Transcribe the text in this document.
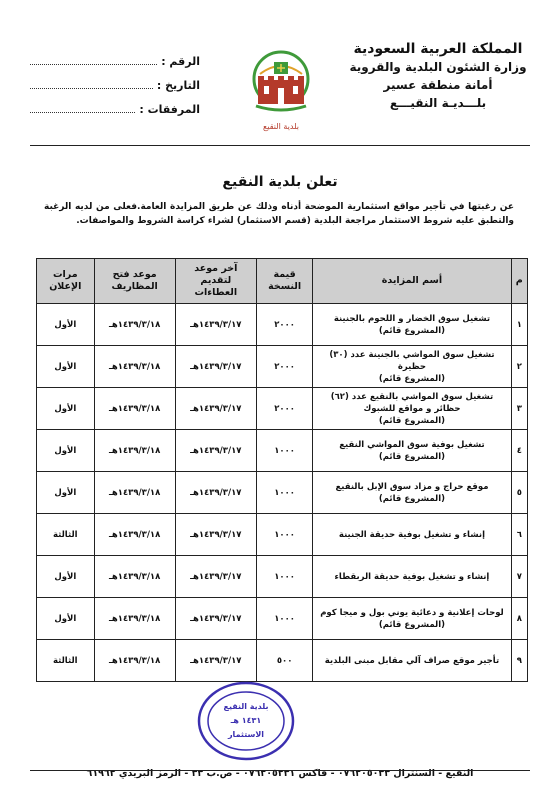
المملكة العربية السعودية
وزارة الشئون البلدية والقروية
أمانة منطقة عسير
بلـــديـة النقيـــع
الرقم :
التاريخ :
المرفقات :
بلدية النقيع
تعلن بلدية النقيع
عن رغبتها في تأجير مواقع استثمارية الموضحة أدناه وذلك عن طريق المزايدة العامة.فعلى من لديه الرغبة والتطبق عليه شروط الاستثمار مراجعة البلدية (قسم الاستثمار) لشراء كراسة الشروط والمواصفات.
م	أسم المزايدة	قيمة النسخة	آخر موعد لتقديم العطاءات	موعد فتح المظاريف	مرات الإعلان
١	تشغيل سوق الخضار و اللحوم بالجنينة
(المشروع قائم)	٢٠٠٠	١٤٣٩/٣/١٧هـ	١٤٣٩/٣/١٨هـ	الأول
٢	تشغيل سوق المواشي بالجنينة عدد (٣٠) حظيرة
(المشروع قائم)	٢٠٠٠	١٤٣٩/٣/١٧هـ	١٤٣٩/٣/١٨هـ	الأول
٣	تشغيل سوق المواشي بالنقيع عدد (٦٢) حظائر و مواقع للشبوك
(المشروع قائم)	٢٠٠٠	١٤٣٩/٣/١٧هـ	١٤٣٩/٣/١٨هـ	الأول
٤	تشغيل بوفية سوق المواشي النقيع
(المشروع قائم)	١٠٠٠	١٤٣٩/٣/١٧هـ	١٤٣٩/٣/١٨هـ	الأول
٥	موقع حراج و مزاد سوق الإبل بالنقيع
(المشروع قائم)	١٠٠٠	١٤٣٩/٣/١٧هـ	١٤٣٩/٣/١٨هـ	الأول
٦	إنشاء و تشغيل بوفية حديقة الجنينة	١٠٠٠	١٤٣٩/٣/١٧هـ	١٤٣٩/٣/١٨هـ	الثالثة
٧	إنشاء و تشغيل بوفية حديقة الربقطاء	١٠٠٠	١٤٣٩/٣/١٧هـ	١٤٣٩/٣/١٨هـ	الأول
٨	لوحات إعلانية و دعائية يوني بول و ميجا كوم
(المشروع قائم)	١٠٠٠	١٤٣٩/٣/١٧هـ	١٤٣٩/٣/١٨هـ	الأول
٩	تأجير موقع صراف آلي مقابل مبنى البلدية	٥٠٠	١٤٣٩/٣/١٧هـ	١٤٣٩/٣/١٨هـ	الثالثة
بلدية النقيع
١٤٣١ هـ
الاستثمار
النقيع - السنترال ٠٧٦٢٠٥٠٣٣ - فاكس ٠٧٦٢٠٥٢٣١ - ص.ب ٣٣ - الرمز البريدي ٦١٩٦٢
